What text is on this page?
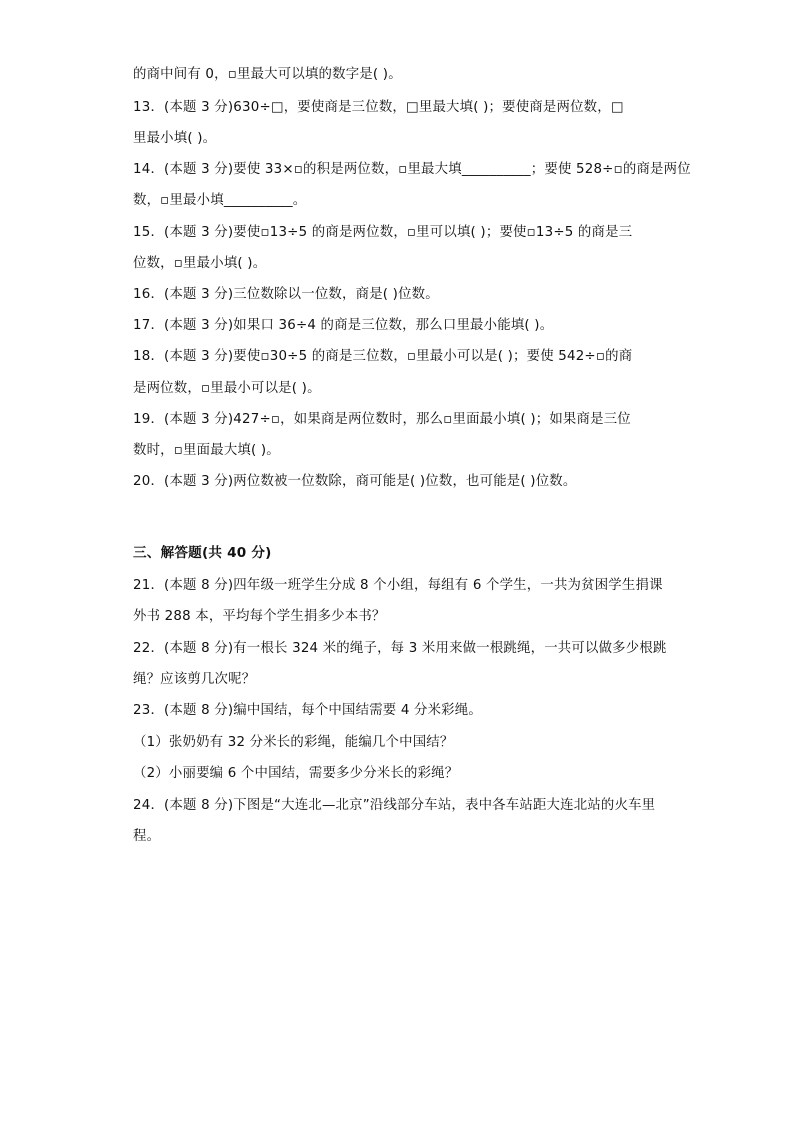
的商中间有 0，▫里最大可以填的数字是( )。
13．(本题 3 分)630÷□，要使商是三位数，□里最大填( )；要使商是两位数，□
里最小填( )。
14．(本题 3 分)要使 33×▫的积是两位数，▫里最大填__________；要使 528÷▫的商是两位
数，▫里最小填__________。
15．(本题 3 分)要使▫13÷5 的商是两位数，▫里可以填( )；要使▫13÷5 的商是三
位数，▫里最小填( )。
16．(本题 3 分)三位数除以一位数，商是( )位数。
17．(本题 3 分)如果口 36÷4 的商是三位数，那么口里最小能填( )。
18．(本题 3 分)要使▫30÷5 的商是三位数，▫里最小可以是( )；要使 542÷▫的商
是两位数，▫里最小可以是( )。
19．(本题 3 分)427÷▫，如果商是两位数时，那么▫里面最小填( )；如果商是三位
数时，▫里面最大填( )。
20．(本题 3 分)两位数被一位数除，商可能是( )位数，也可能是( )位数。
三、解答题(共 40 分)
21．(本题 8 分)四年级一班学生分成 8 个小组，每组有 6 个学生，一共为贫困学生捐课
外书 288 本，平均每个学生捐多少本书？
22．(本题 8 分)有一根长 324 米的绳子，每 3 米用来做一根跳绳，一共可以做多少根跳
绳？应该剪几次呢？
23．(本题 8 分)编中国结，每个中国结需要 4 分米彩绳。
（1）张奶奶有 32 分米长的彩绳，能编几个中国结？
（2）小丽要编 6 个中国结，需要多少分米长的彩绳？
24．(本题 8 分)下图是“大连北—北京”沿线部分车站，表中各车站距大连北站的火车里
程。
